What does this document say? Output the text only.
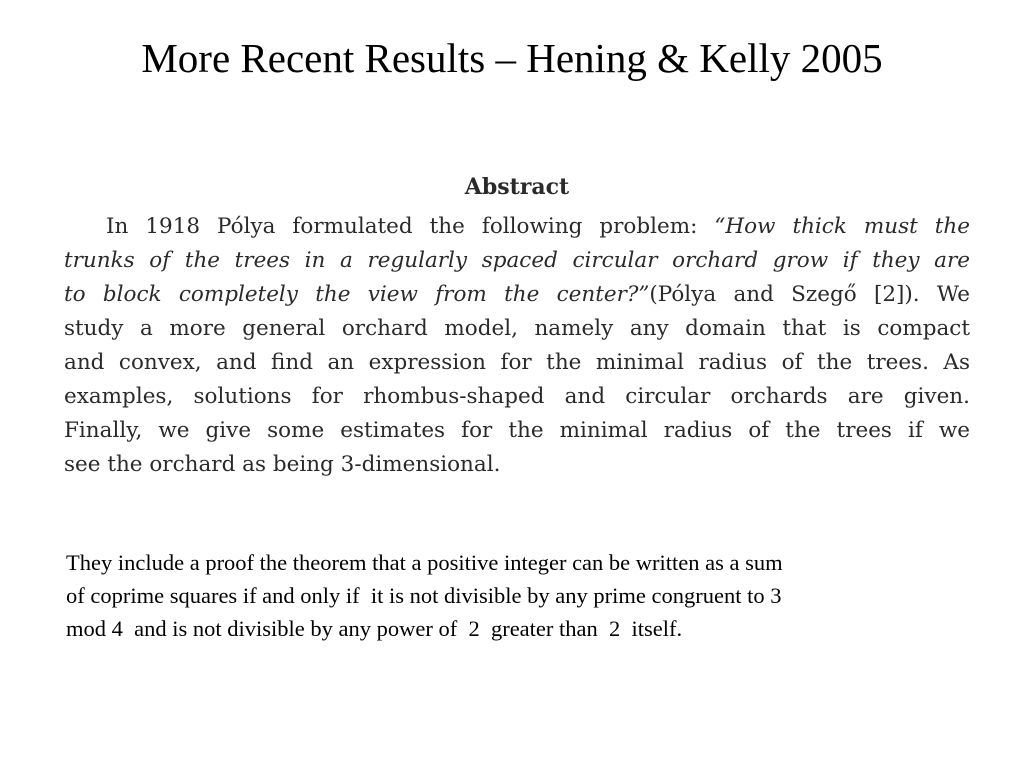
More Recent Results – Hening & Kelly 2005
Abstract
In 1918 Pólya formulated the following problem: “How thick must the
trunks of the trees in a regularly spaced circular orchard grow if they are
to block completely the view from the center?”(Pólya and Szegő [2]). We
study a more general orchard model, namely any domain that is compact
and convex, and find an expression for the minimal radius of the trees. As
examples, solutions for rhombus-shaped and circular orchards are given.
Finally, we give some estimates for the minimal radius of the trees if we
see the orchard as being 3-dimensional.
They include a proof the theorem that a positive integer can be written as a sum
of coprime squares if and only if  it is not divisible by any prime congruent to 3
mod 4  and is not divisible by any power of  2  greater than  2  itself.
